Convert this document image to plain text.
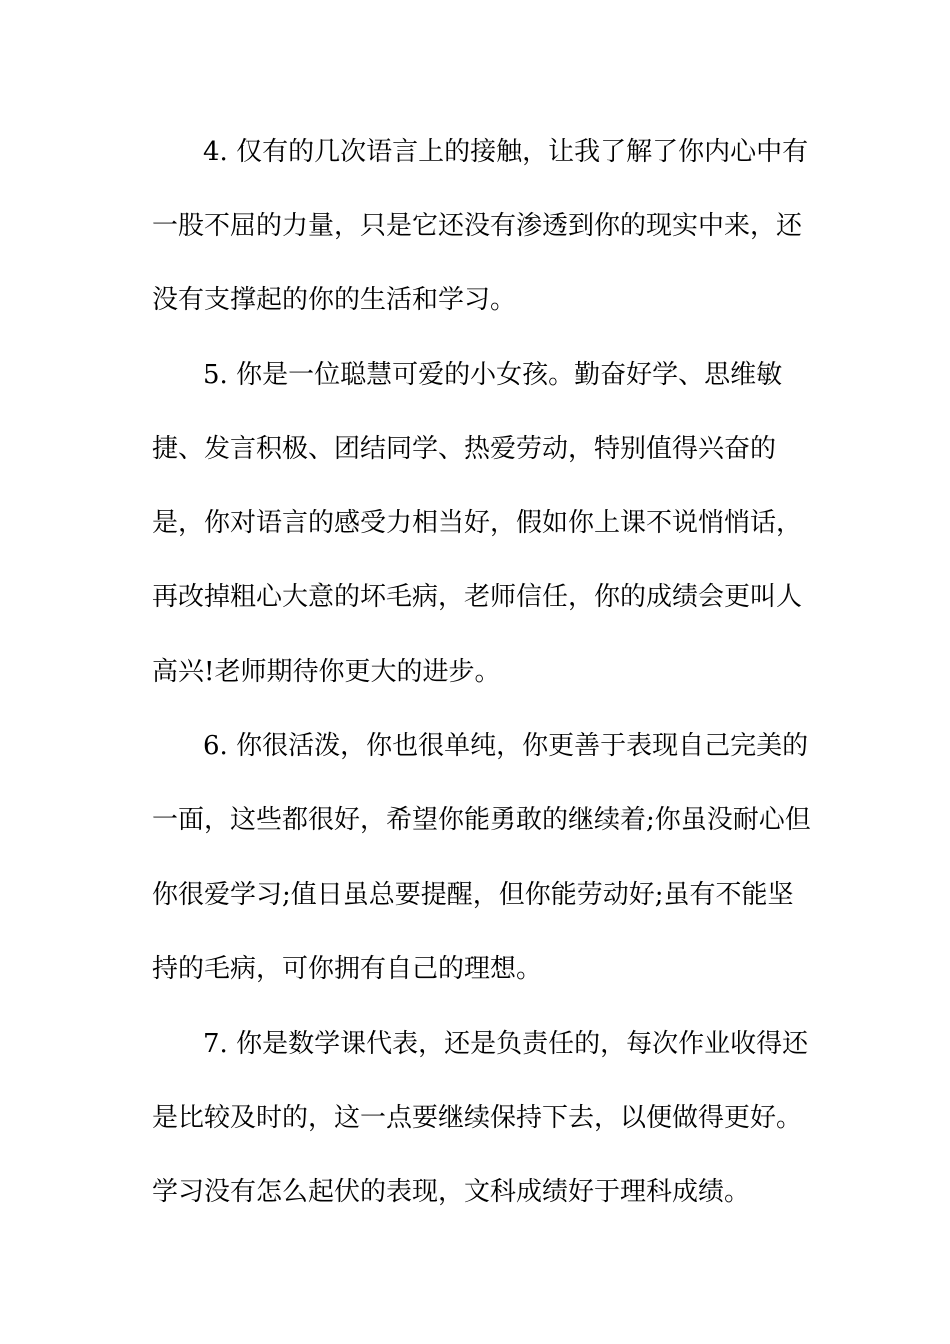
4. 仅有的几次语言上的接触，让我了解了你内心中有
一股不屈的力量，只是它还没有渗透到你的现实中来，还
没有支撑起的你的生活和学习。
5. 你是一位聪慧可爱的小女孩。勤奋好学、思维敏
捷、发言积极、团结同学、热爱劳动，特别值得兴奋的
是，你对语言的感受力相当好，假如你上课不说悄悄话，
再改掉粗心大意的坏毛病，老师信任，你的成绩会更叫人
高兴!老师期待你更大的进步。
6. 你很活泼，你也很单纯，你更善于表现自己完美的
一面，这些都很好，希望你能勇敢的继续着;你虽没耐心但
你很爱学习;值日虽总要提醒，但你能劳动好;虽有不能坚
持的毛病，可你拥有自己的理想。
7. 你是数学课代表，还是负责任的，每次作业收得还
是比较及时的，这一点要继续保持下去，以便做得更好。
学习没有怎么起伏的表现，文科成绩好于理科成绩。
